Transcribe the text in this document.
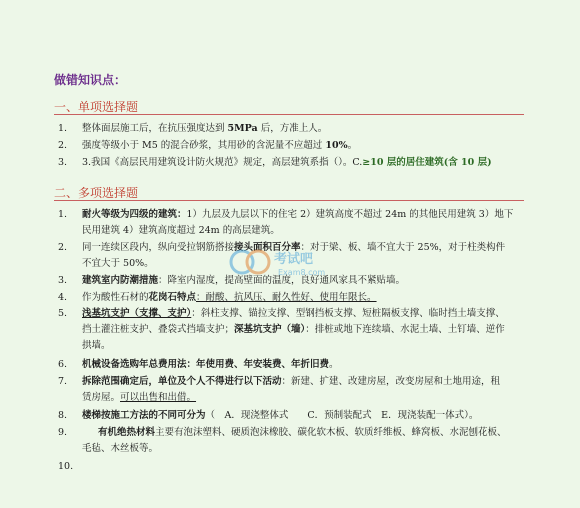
做错知识点：
一、单项选择题
1. 整体面层施工后，在抗压强度达到 5MPa 后，方准上人。
2. 强度等级小于 M5 的混合砂浆，其用砂的含泥量不应超过 10%。
3. 3.我国《高层民用建筑设计防火规范》规定，高层建筑系指（）。C.≥10 层的居住建筑(含 10 层)
二、多项选择题
1. 耐火等级为四级的建筑：1）九层及九层以下的住宅 2）建筑高度不超过 24m 的其他民用建筑 3）地下
民用建筑 4）建筑高度超过 24m 的高层建筑。
2. 同一连续区段内，纵向受拉钢筋搭接接头面积百分率：对于梁、板、墙不宜大于 25%，对于柱类构件
不宜大于 50%。
3. 建筑室内防潮措施：降室内湿度，提高壁面的温度，良好通风家具不紧贴墙。
4. 作为酸性石材的花岗石特点：耐酸、抗风压、耐久性好、使用年限长。
5. 浅基坑支护（支撑、支护）：斜柱支撑、锚拉支撑、型钢挡板支撑、短桩隔板支撑、临时挡土墙支撑、
挡土灌注桩支护、叠袋式挡墙支护；深基坑支护（墙）：排桩或地下连续墙、水泥土墙、土钉墙、逆作
拱墙。
6. 机械设备选购年总费用法：年使用费、年安装费、年折旧费。
7. 拆除范围确定后，单位及个人不得进行以下活动：新建、扩建、改建房屋，改变房屋和土地用途，租
赁房屋。可以出售和出借。
8. 楼梯按施工方法的不同可分为（　A．现浇整体式　　C．预制装配式　E．现浇装配一体式）。
9.	有机绝热材料主要有泡沫塑料、硬质泡沫橡胶、碳化软木板、软质纤维板、蜂窝板、水泥刨花板、
毛毡、木丝板等。
10.
考试吧
Exam8.com
